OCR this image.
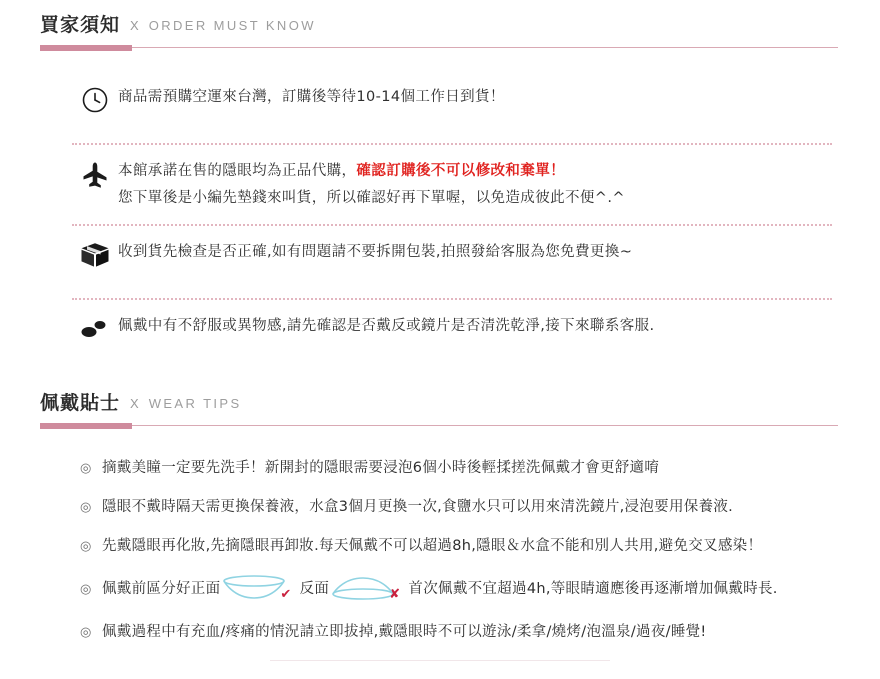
買家須知 X ORDER MUST KNOW
商品需預購空運來台灣，訂購後等待10-14個工作日到貨！
本館承諾在售的隱眼均為正品代購，確認訂購後不可以修改和棄單！
您下單後是小編先墊錢來叫貨，所以確認好再下單喔，以免造成彼此不便^.^
收到貨先檢查是否正確,如有問題請不要拆開包裝,拍照發給客服為您免費更換~
佩戴中有不舒服或異物感,請先確認是否戴反或鏡片是否清洗乾淨,接下來聯系客服.
佩戴貼士 X WEAR TIPS
◎ 摘戴美瞳一定要先洗手！新開封的隱眼需要浸泡6個小時後輕揉搓洗佩戴才會更舒適唷
◎ 隱眼不戴時隔天需更換保養液，水盒3個月更換一次,食鹽水只可以用來清洗鏡片,浸泡要用保養液.
◎ 先戴隱眼再化妝,先摘隱眼再卸妝.每天佩戴不可以超過8h,隱眼＆水盒不能和別人共用,避免交叉感染！
◎ 佩戴前區分好正面	✔ 反面	✘ 首次佩戴不宜超過4h,等眼睛適應後再逐漸增加佩戴時長.
◎ 佩戴過程中有充血/疼痛的情況請立即拔掉,戴隱眼時不可以遊泳/柔拿/燒烤/泡溫泉/過夜/睡覺!
